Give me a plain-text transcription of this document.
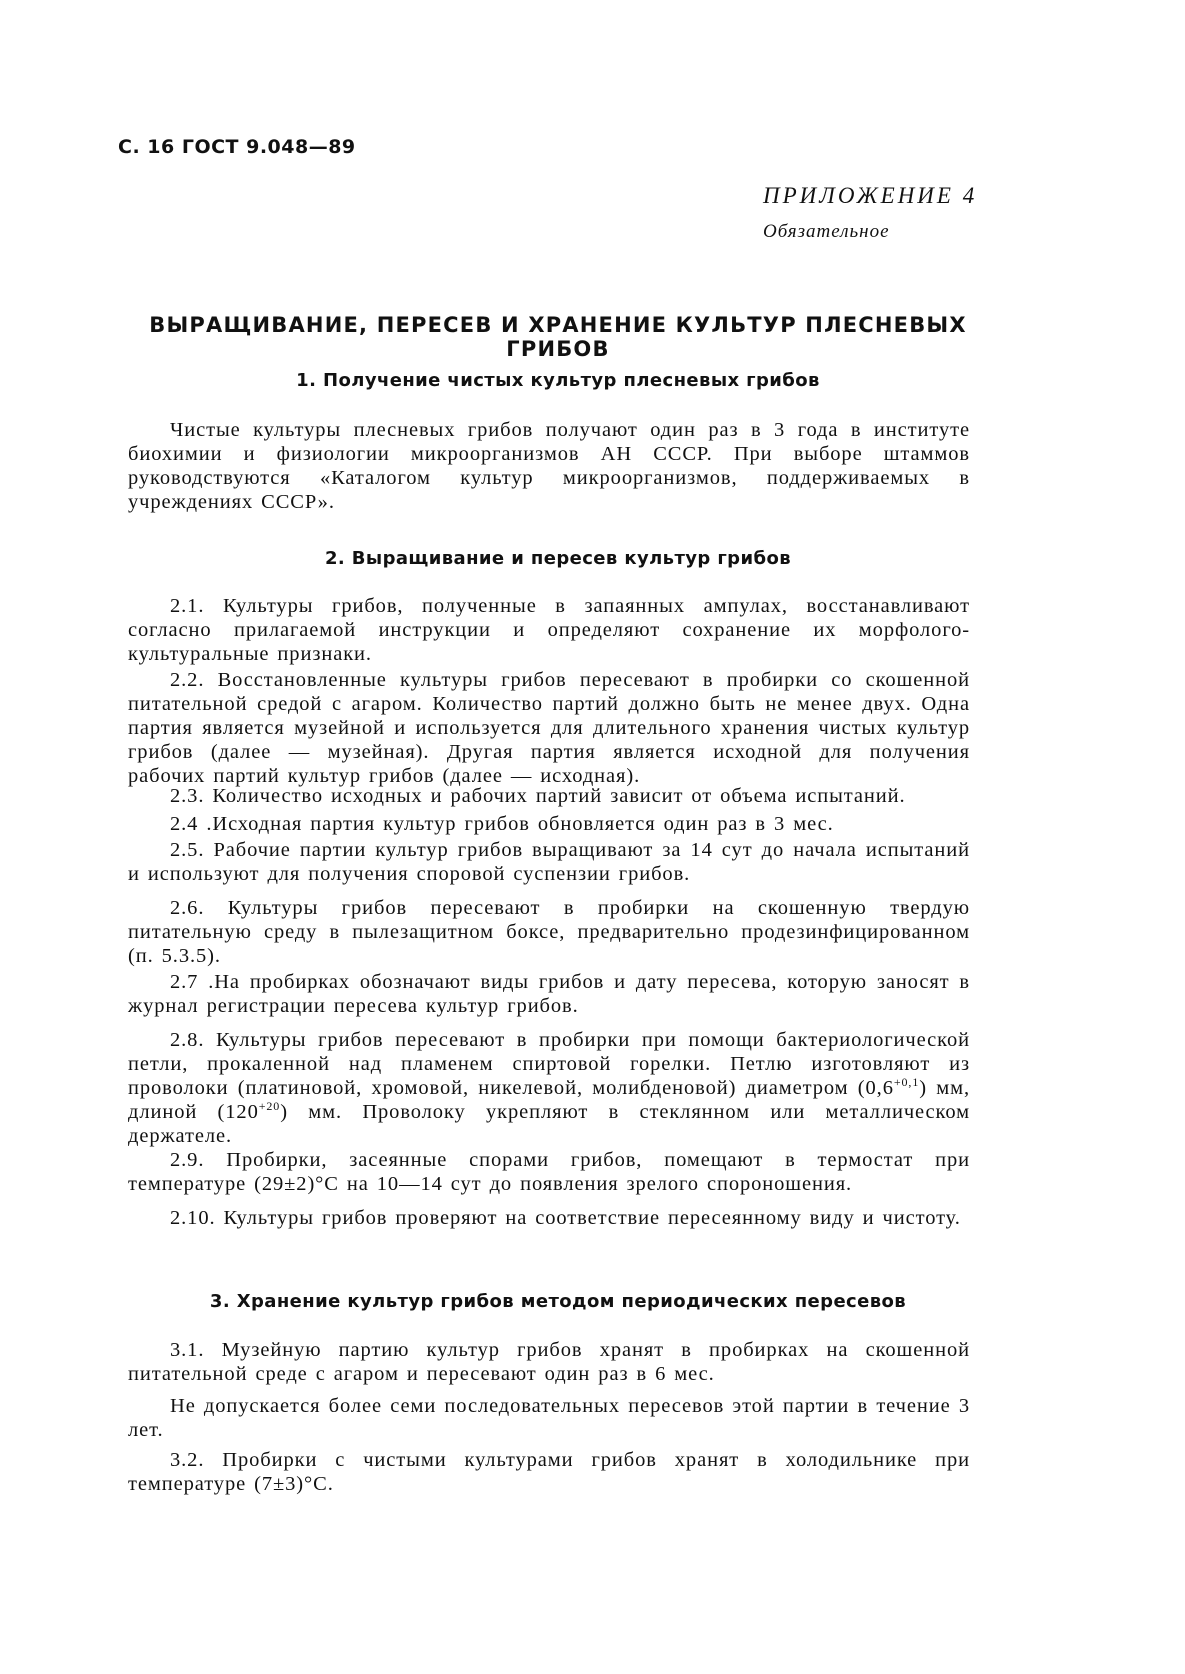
С. 16 ГОСТ 9.048—89
ПРИЛОЖЕНИЕ 4
Обязательное
ВЫРАЩИВАНИЕ, ПЕРЕСЕВ И ХРАНЕНИЕ КУЛЬТУР ПЛЕСНЕВЫХ ГРИБОВ
1. Получение чистых культур плесневых грибов
Чистые культуры плесневых грибов получают один раз в 3 года в институте биохимии и физиологии микроорганизмов АН СССР. При выборе штаммов руководствуются «Каталогом культур микроорганизмов, поддерживаемых в учреждениях СССР».
2. Выращивание и пересев культур грибов
2.1. Культуры грибов, полученные в запаянных ампулах, восстанавливают согласно прилагаемой инструкции и определяют сохранение их морфолого-культуральные признаки.
2.2. Восстановленные культуры грибов пересевают в пробирки со скошенной питательной средой с агаром. Количество партий должно быть не менее двух. Одна партия является музейной и используется для длительного хранения чистых культур грибов (далее — музейная). Другая партия является исходной для получения рабочих партий культур грибов (далее — исходная).
2.3. Количество исходных и рабочих партий зависит от объема испытаний.
2.4 .Исходная партия культур грибов обновляется один раз в 3 мес.
2.5. Рабочие партии культур грибов выращивают за 14 сут до начала испытаний и используют для получения споровой суспензии грибов.
2.6. Культуры грибов пересевают в пробирки на скошенную твердую питательную среду в пылезащитном боксе, предварительно продезинфицированном (п. 5.3.5).
2.7 .На пробирках обозначают виды грибов и дату пересева, которую заносят в журнал регистрации пересева культур грибов.
2.8. Культуры грибов пересевают в пробирки при помощи бактериологической петли, прокаленной над пламенем спиртовой горелки. Петлю изготовляют из проволоки (платиновой, хромовой, никелевой, молибденовой) диаметром $(0,6^{+0,1})$ мм, длиной $(120^{+20})$ мм. Проволоку укрепляют в стеклянном или металлическом держателе.
2.9. Пробирки, засеянные спорами грибов, помещают в термостат при температуре (29±2)°С на 10—14 сут до появления зрелого спороношения.
2.10. Культуры грибов проверяют на соответствие пересеянному виду и чистоту.
3. Хранение культур грибов методом периодических пересевов
3.1. Музейную партию культур грибов хранят в пробирках на скошенной питательной среде с агаром и пересевают один раз в 6 мес.
Не допускается более семи последовательных пересевов этой партии в течение 3 лет.
3.2. Пробирки с чистыми культурами грибов хранят в холодильнике при температуре (7±3)°С.
